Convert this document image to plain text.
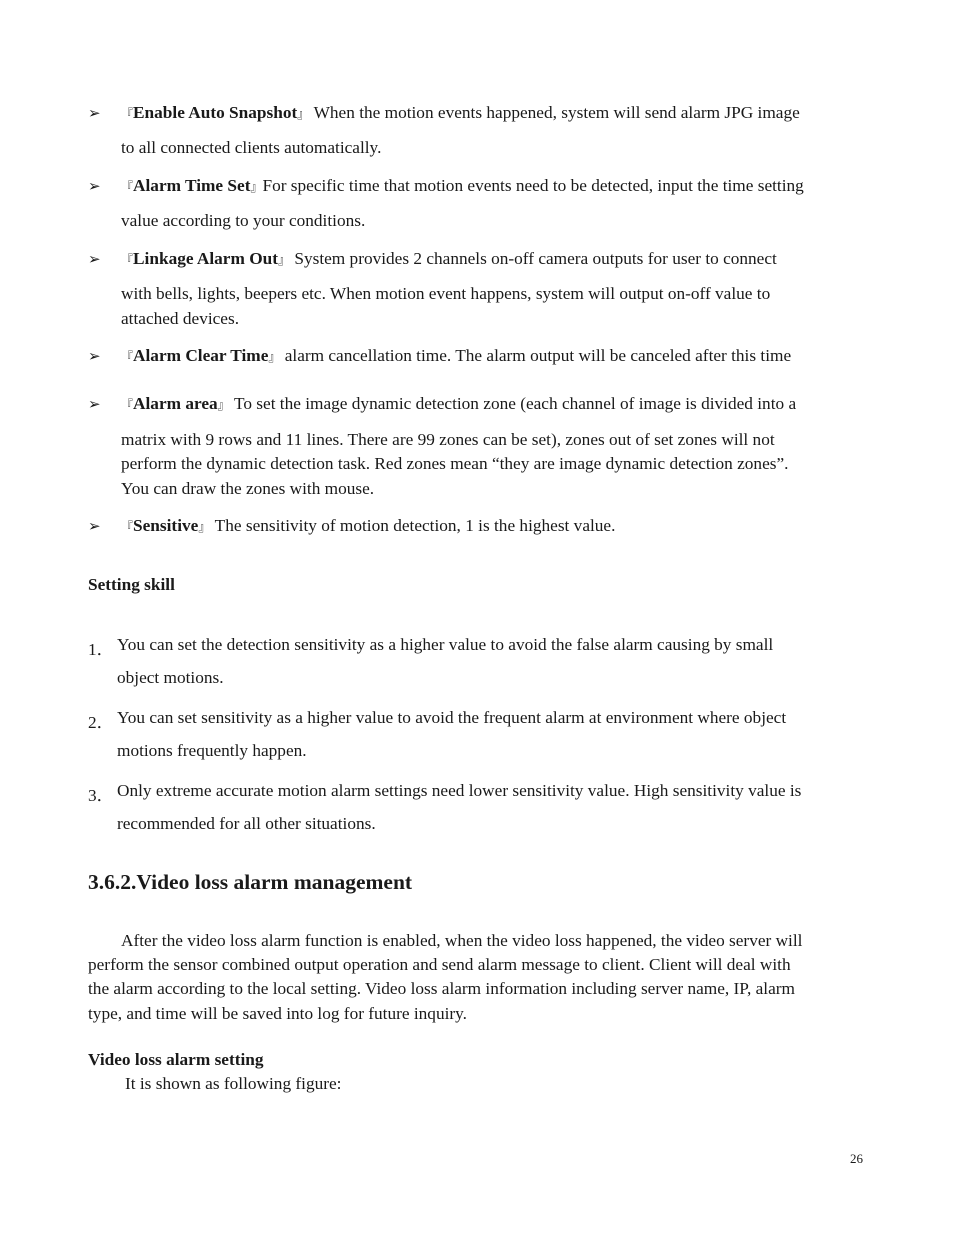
➢ 『Enable Auto Snapshot』 When the motion events happened, system will send alarm JPG image
to all connected clients automatically.
➢ 『Alarm Time Set』For specific time that motion events need to be detected, input the time setting
value according to your conditions.
➢ 『Linkage Alarm Out』 System provides 2 channels on-off camera outputs for user to connect
with bells, lights, beepers etc. When motion event happens, system will output on-off value to
attached devices.
➢ 『Alarm Clear Time』 alarm cancellation time. The alarm output will be canceled after this time
➢ 『Alarm area』 To set the image dynamic detection zone (each channel of image is divided into a
matrix with 9 rows and 11 lines. There are 99 zones can be set), zones out of set zones will not
perform the dynamic detection task. Red zones mean “they are image dynamic detection zones”.
You can draw the zones with mouse.
➢ 『Sensitive』 The sensitivity of motion detection, 1 is the highest value.
Setting skill
1． You can set the detection sensitivity as a higher value to avoid the false alarm causing by small
object motions.
2． You can set sensitivity as a higher value to avoid the frequent alarm at environment where object
motions frequently happen.
3． Only extreme accurate motion alarm settings need lower sensitivity value. High sensitivity value is
recommended for all other situations.
3.6.2.Video loss alarm management
After the video loss alarm function is enabled, when the video loss happened, the video server will
perform the sensor combined output operation and send alarm message to client. Client will deal with
the alarm according to the local setting. Video loss alarm information including server name, IP, alarm
type, and time will be saved into log for future inquiry.
Video loss alarm setting
It is shown as following figure:
26
